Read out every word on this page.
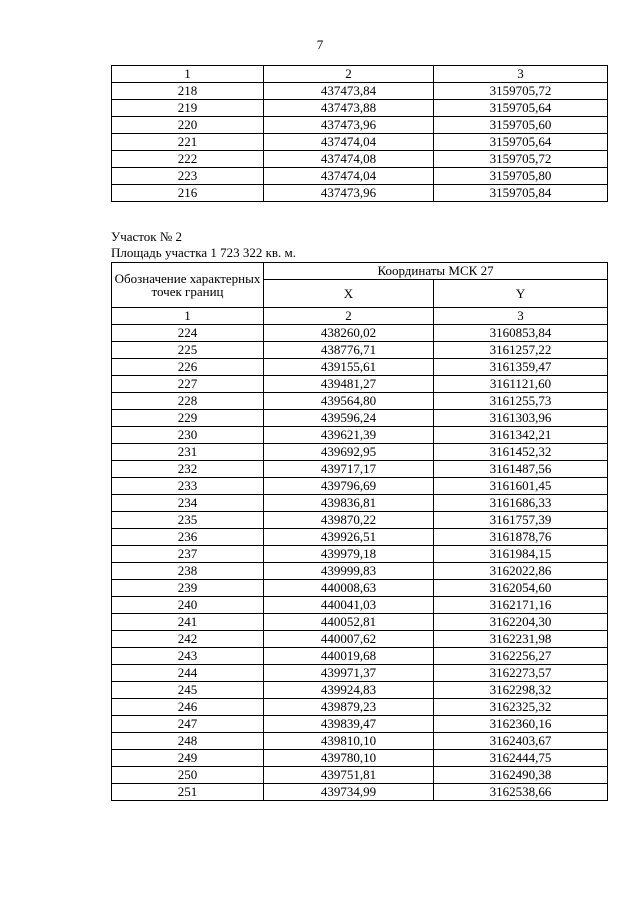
7
1	2	3
218	437473,84	3159705,72
219	437473,88	3159705,64
220	437473,96	3159705,60
221	437474,04	3159705,64
222	437474,08	3159705,72
223	437474,04	3159705,80
216	437473,96	3159705,84
Участок № 2
Площадь участка 1 723 322 кв. м.
Обозначение характерных точек границ	Координаты МСК 27	
	X	Y
1	2	3
224	438260,02	3160853,84
225	438776,71	3161257,22
226	439155,61	3161359,47
227	439481,27	3161121,60
228	439564,80	3161255,73
229	439596,24	3161303,96
230	439621,39	3161342,21
231	439692,95	3161452,32
232	439717,17	3161487,56
233	439796,69	3161601,45
234	439836,81	3161686,33
235	439870,22	3161757,39
236	439926,51	3161878,76
237	439979,18	3161984,15
238	439999,83	3162022,86
239	440008,63	3162054,60
240	440041,03	3162171,16
241	440052,81	3162204,30
242	440007,62	3162231,98
243	440019,68	3162256,27
244	439971,37	3162273,57
245	439924,83	3162298,32
246	439879,23	3162325,32
247	439839,47	3162360,16
248	439810,10	3162403,67
249	439780,10	3162444,75
250	439751,81	3162490,38
251	439734,99	3162538,66
